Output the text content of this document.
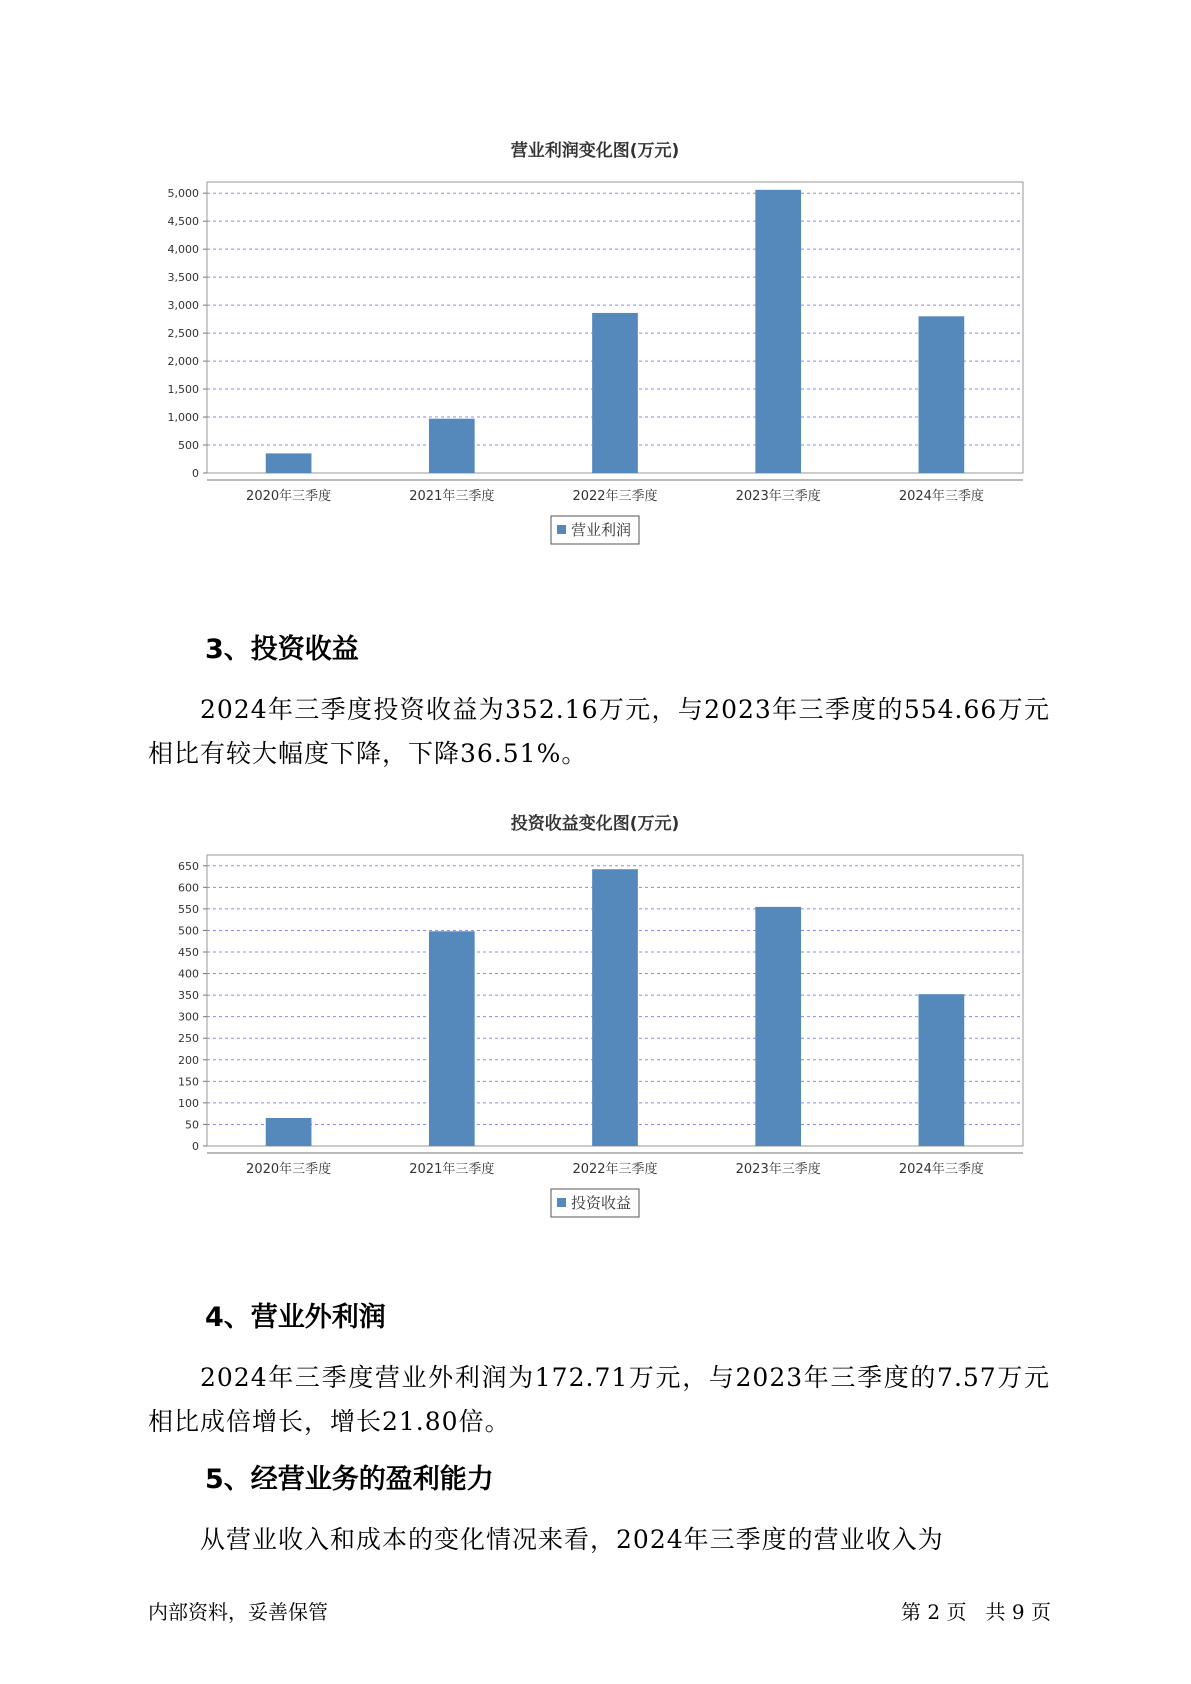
营业利润变化图(万元)
0
500
1,000
1,500
2,000
2,500
3,000
3,500
4,000
4,500
5,000
2020年三季度	2021年三季度	2022年三季度	2023年三季度	2024年三季度
营业利润
3、投资收益

2024年三季度投资收益为352.16万元，与2023年三季度的554.66万元相比有较大幅度下降，下降36.51%。

投资收益变化图(万元)
0
50
100
150
200
250
300
350
400
450
500
550
600
650
2020年三季度	2021年三季度	2022年三季度	2023年三季度	2024年三季度
投资收益
4、营业外利润

2024年三季度营业外利润为172.71万元，与2023年三季度的7.57万元相比成倍增长，增长21.80倍。

5、经营业务的盈利能力

从营业收入和成本的变化情况来看，2024年三季度的营业收入为

内部资料，妥善保管	第 2 页   共 9 页
